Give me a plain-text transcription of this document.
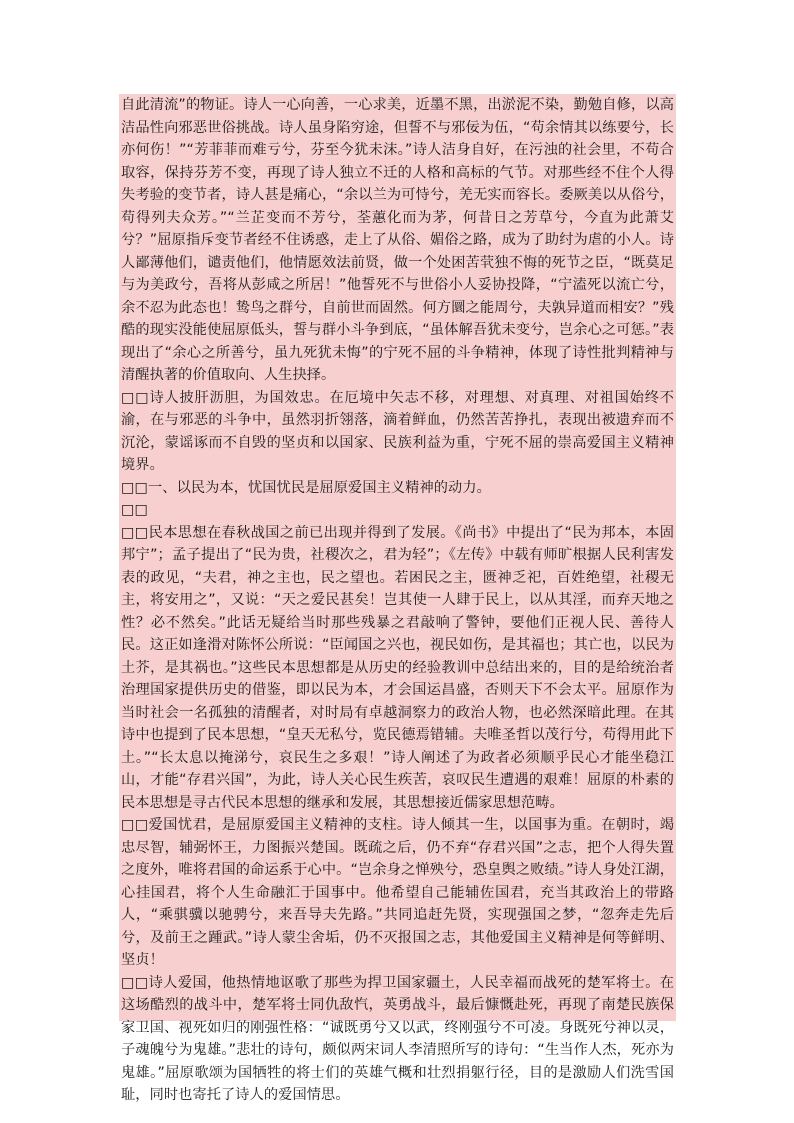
自此清流”的物证。诗人一心向善，一心求美，近墨不黑，出淤泥不染，勤勉自修，以高洁品性向邪恶世俗挑战。诗人虽身陷穷途，但誓不与邪佞为伍，“苟余情其以练要兮，长亦何伤！”“芳菲菲而难亏兮，芬至今犹未沫。”诗人洁身自好，在污浊的社会里，不苟合取容，保持芬芳不变，再现了诗人独立不迁的人格和高标的气节。对那些经不住个人得失考验的变节者，诗人甚是痛心，“余以兰为可恃兮，羌无实而容长。委厥美以从俗兮，苟得列夫众芳。”“兰芷变而不芳兮，荃蕙化而为茅，何昔日之芳草兮，今直为此萧艾兮？”屈原指斥变节者经不住诱惑，走上了从俗、媚俗之路，成为了助纣为虐的小人。诗人鄙薄他们，谴责他们，他情愿效法前贤，做一个处困苦茕独不悔的死节之臣，“既莫足与为美政兮，吾将从彭咸之所居！”他誓死不与世俗小人妥协投降，“宁溘死以流亡兮，余不忍为此态也！鸷鸟之群兮，自前世而固然。何方圜之能周兮，夫孰异道而相安？”残酷的现实没能使屈原低头，誓与群小斗争到底，“虽体解吾犹未变兮，岂余心之可惩。”表现出了“余心之所善兮，虽九死犹未悔”的宁死不屈的斗争精神，体现了诗性批判精神与清醒执著的价值取向、人生抉择。

□□诗人披肝沥胆，为国效忠。在厄境中矢志不移，对理想、对真理、对祖国始终不渝，在与邪恶的斗争中，虽然羽折翎落，滴着鲜血，仍然苦苦挣扎，表现出被遗弃而不沉沦，蒙谣诼而不自毁的坚贞和以国家、民族利益为重，宁死不屈的崇高爱国主义精神境界。

□□一、以民为本，忧国忧民是屈原爱国主义精神的动力。

□□

□□民本思想在春秋战国之前已出现并得到了发展。《尚书》中提出了“民为邦本，本固邦宁”；孟子提出了“民为贵，社稷次之，君为轻”；《左传》中载有师旷根据人民利害发表的政见，“夫君，神之主也，民之望也。若困民之主，匮神乏祀，百姓绝望，社稷无主，将安用之”，又说：“天之爱民甚矣！岂其使一人肆于民上，以从其淫，而弃天地之性？必不然矣。”此话无疑给当时那些残暴之君敲响了警钟，要他们正视人民、善待人民。这正如逢滑对陈怀公所说：“臣闻国之兴也，视民如伤，是其福也；其亡也，以民为土芥，是其祸也。”这些民本思想都是从历史的经验教训中总结出来的，目的是给统治者治理国家提供历史的借鉴，即以民为本，才会国运昌盛，否则天下不会太平。屈原作为当时社会一名孤独的清醒者，对时局有卓越洞察力的政治人物，也必然深暗此理。在其诗中也提到了民本思想，“皇天无私兮，览民德焉错辅。夫唯圣哲以茂行兮，苟得用此下土。”“长太息以掩涕兮，哀民生之多艰！”诗人阐述了为政者必须顺乎民心才能坐稳江山，才能“存君兴国”，为此，诗人关心民生疾苦，哀叹民生遭遇的艰难！屈原的朴素的民本思想是寻古代民本思想的继承和发展，其思想接近儒家思想范畴。

□□爱国忧君，是屈原爱国主义精神的支柱。诗人倾其一生，以国事为重。在朝时，竭忠尽智，辅弼怀王，力图振兴楚国。既疏之后，仍不弃“存君兴国”之志，把个人得失置之度外，唯将君国的命运系于心中。“岂余身之惮殃兮，恐皇舆之败绩。”诗人身处江湖，心挂国君，将个人生命融汇于国事中。他希望自己能辅佐国君，充当其政治上的带路人，“乘骐骥以驰骋兮，来吾导夫先路。”共同追赶先贤，实现强国之梦，“忽奔走先后兮，及前王之踵武。”诗人蒙尘舍垢，仍不灭报国之志，其他爱国主义精神是何等鲜明、坚贞！

□□诗人爱国，他热情地讴歌了那些为捍卫国家疆土，人民幸福而战死的楚军将士。在这场酷烈的战斗中，楚军将士同仇敌忾，英勇战斗，最后慷慨赴死，再现了南楚民族保家卫国、视死如归的刚强性格：“诚既勇兮又以武，终刚强兮不可凌。身既死兮神以灵，子魂魄兮为鬼雄。”悲壮的诗句，颇似两宋词人李清照所写的诗句：“生当作人杰，死亦为鬼雄。”屈原歌颂为国牺牲的将士们的英雄气概和壮烈捐躯行径，目的是激励人们洗雪国耻，同时也寄托了诗人的爱国情思。
